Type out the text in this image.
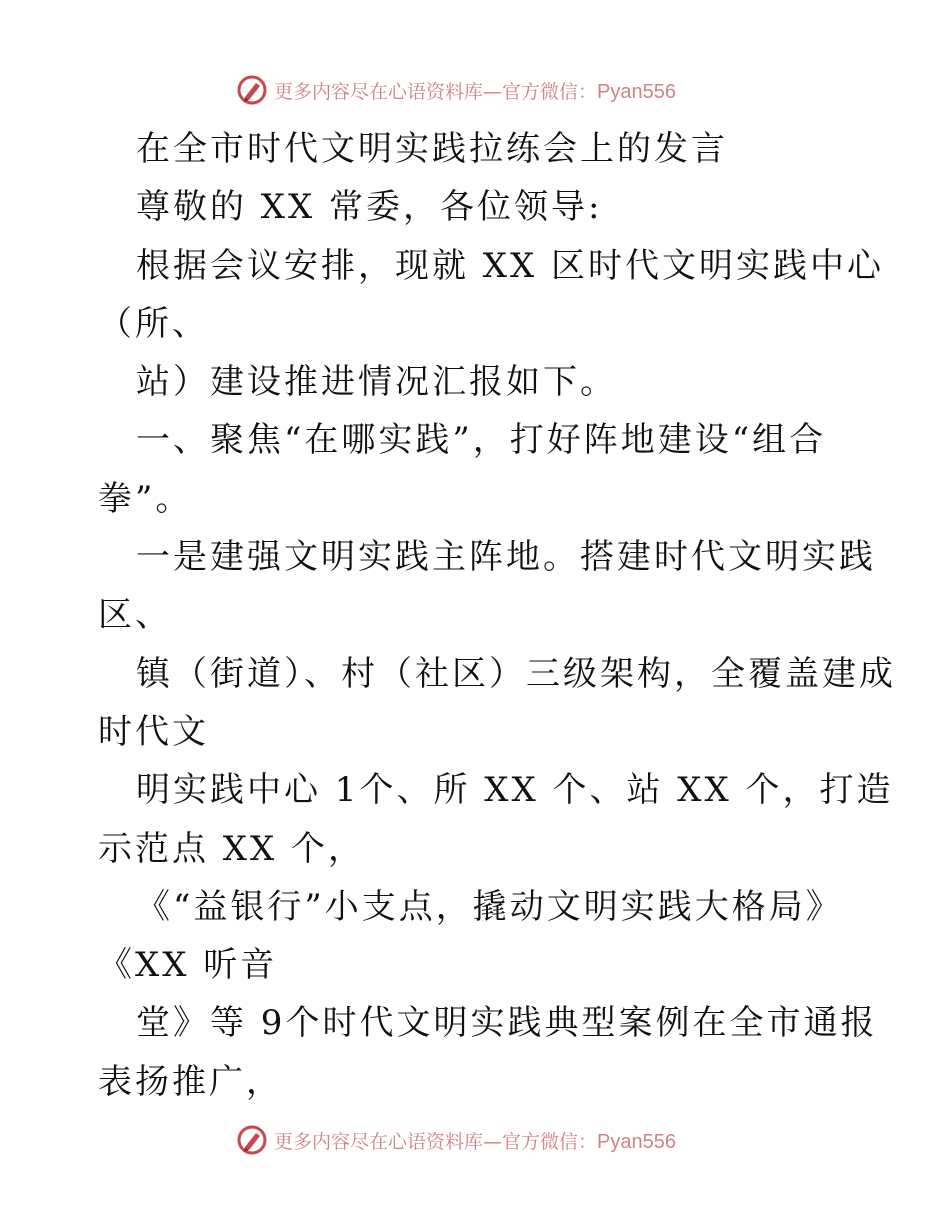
更多内容尽在心语资料库—官方微信：Pyan556
在全市时代文明实践拉练会上的发言
尊敬的 XX 常委，各位领导:
根据会议安排，现就 XX 区时代文明实践中心
（所、
站）建设推进情况汇报如下。
一、聚焦“在哪实践”，打好阵地建设“组合
拳”。
一是建强文明实践主阵地。搭建时代文明实践
区、
镇（街道）、村（社区）三级架构，全覆盖建成
时代文
明实践中心 1个、所 XX 个、站 XX 个，打造
示范点 XX 个，
《“益银行”小支点，撬动文明实践大格局》
《XX 听音
堂》等 9个时代文明实践典型案例在全市通报
表扬推广，
更多内容尽在心语资料库—官方微信：Pyan556
